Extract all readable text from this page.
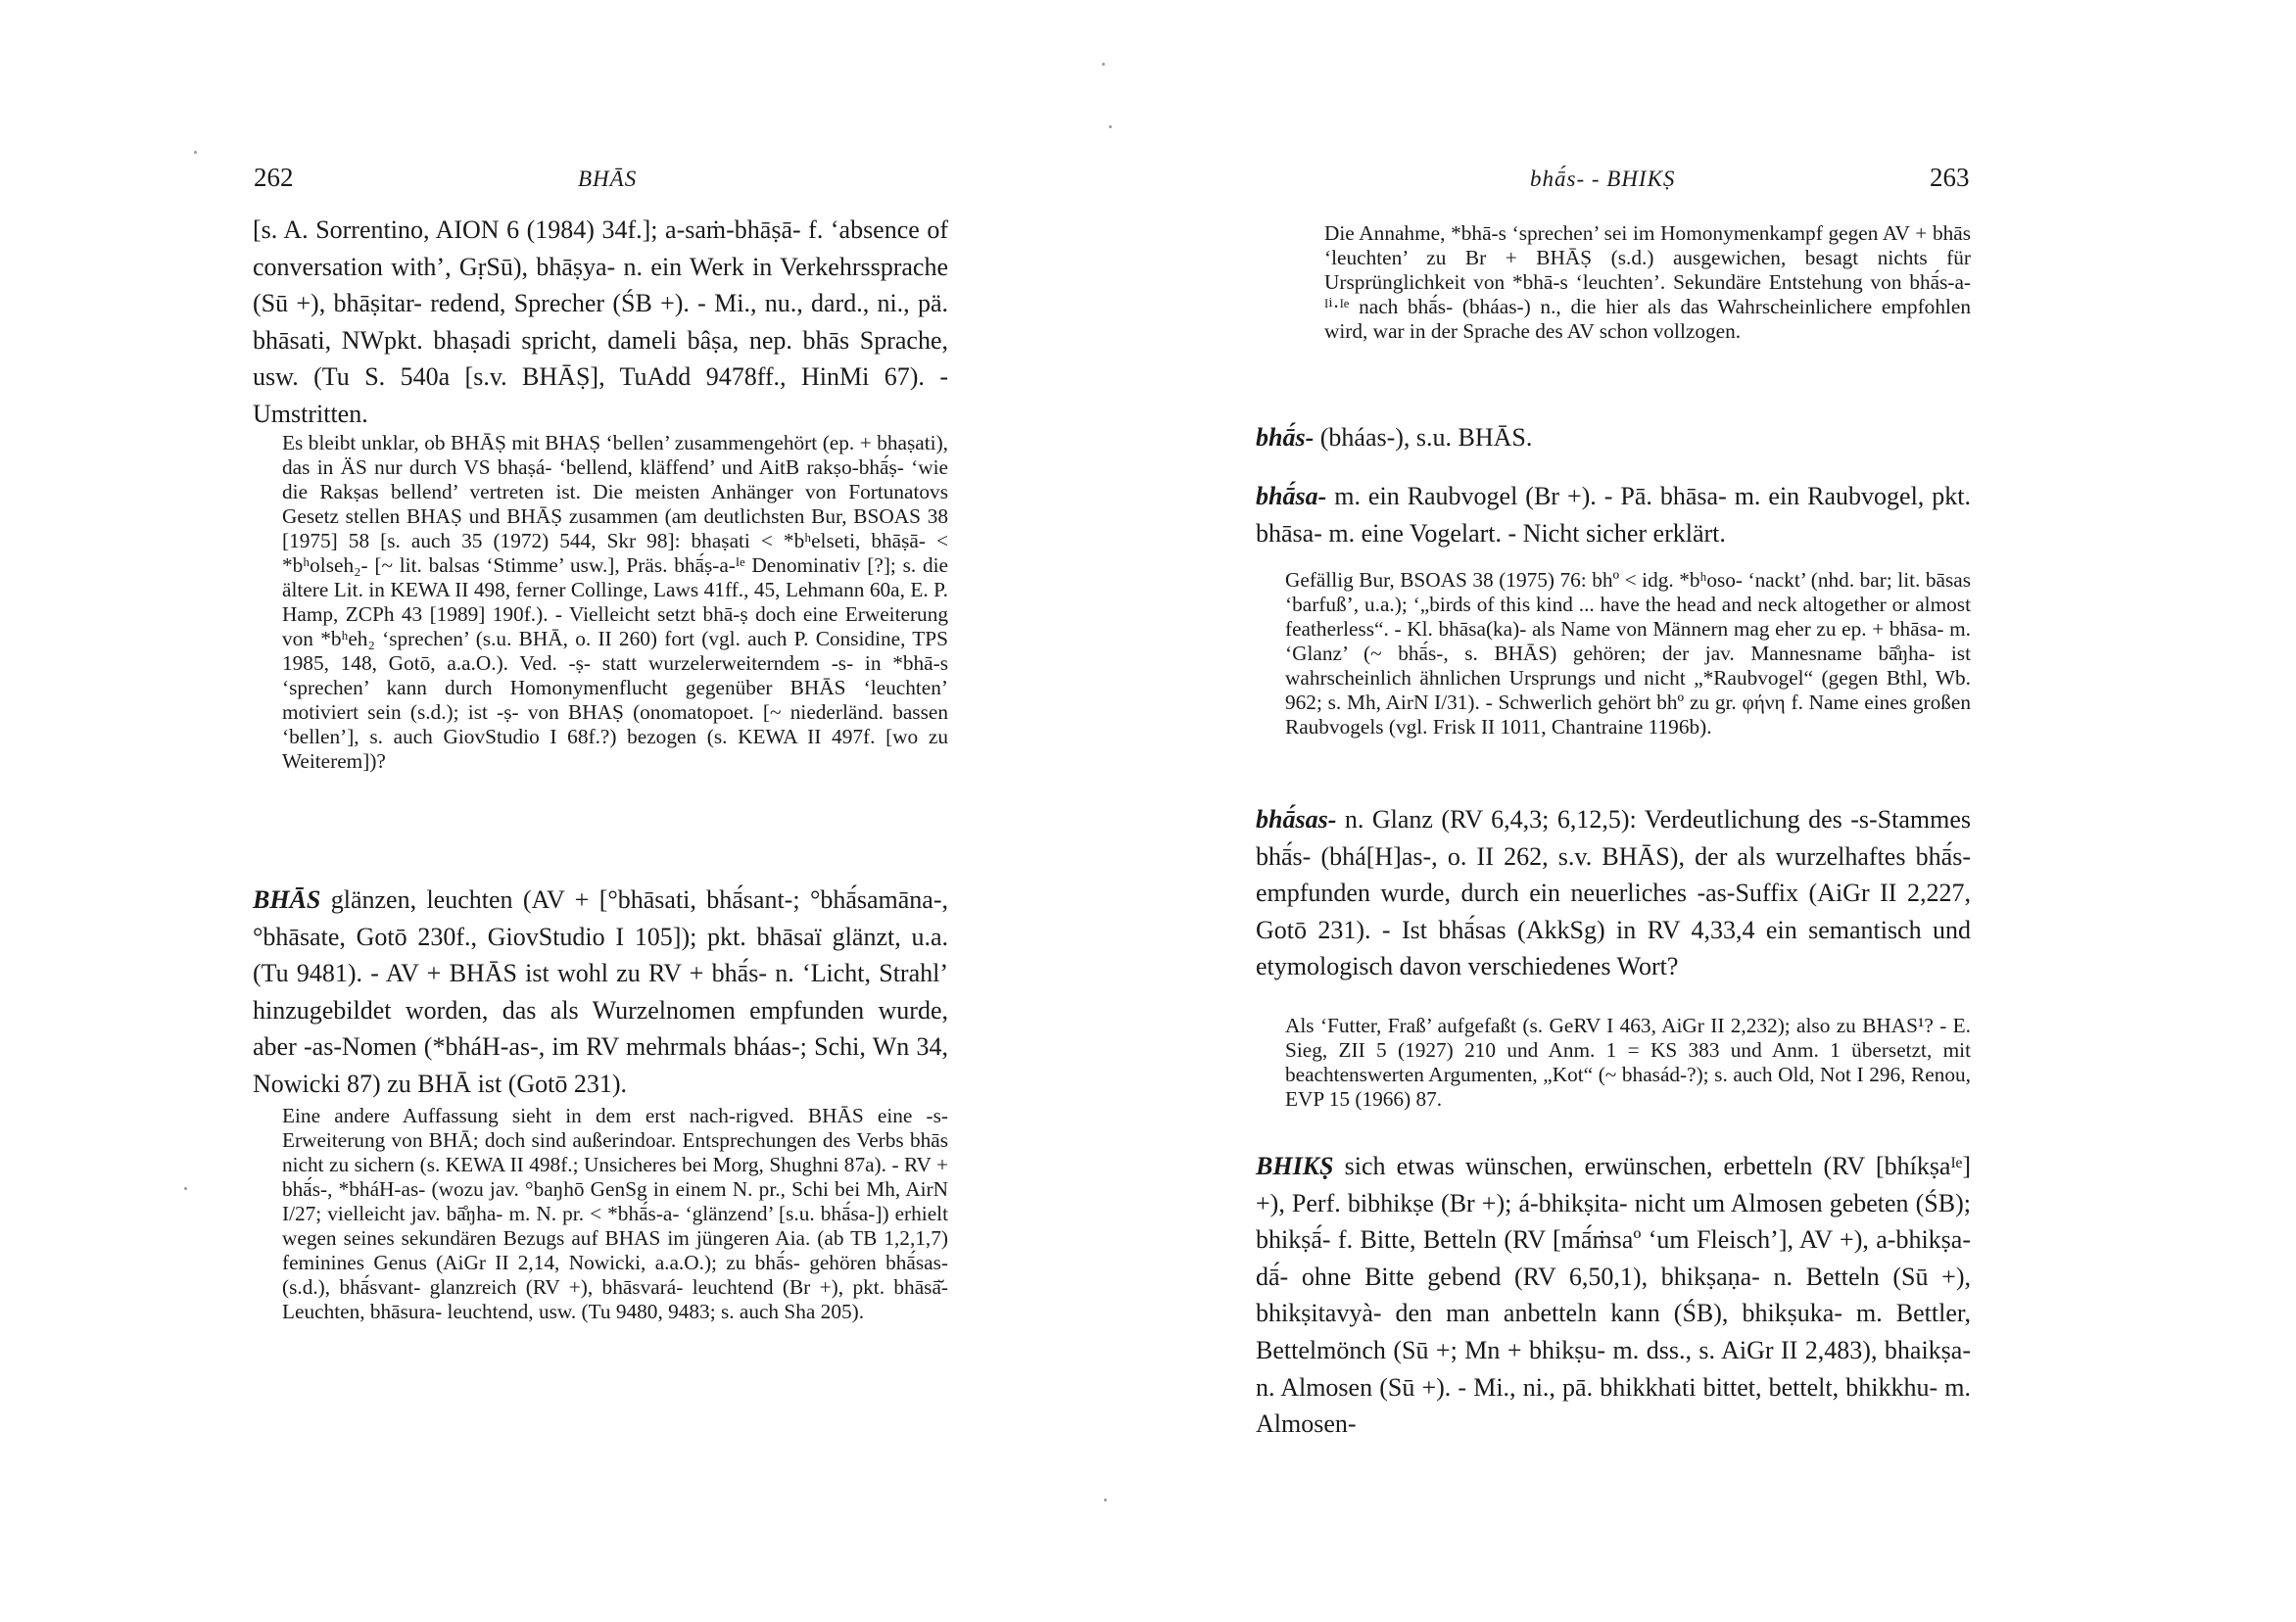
262	BHĀS

[s. A. Sorrentino, AION 6 (1984) 34f.]; a-saṁ-bhāṣā- f. ‘absence of conversation with’, GṛSū), bhāṣya- n. ein Werk in Verkehrssprache (Sū +), bhāṣitar- redend, Sprecher (ŚB +). - Mi., nu., dard., ni., pä. bhāsati, NWpkt. bhaṣadi spricht, dameli bâṣa, nep. bhās Sprache, usw. (Tu S. 540a [s.v. BHĀṢ], TuAdd 9478ff., HinMi 67). - Umstritten.

Es bleibt unklar, ob BHĀṢ mit BHAṢ ‘bellen’ zusammengehört (ep. + bhaṣati), das in ÄS nur durch VS bhaṣá- ‘bellend, kläffend’ und AitB rakṣo-bhā́ṣ- ‘wie die Rakṣas bellend’ vertreten ist. Die meisten Anhänger von Fortunatovs Gesetz stellen BHAṢ und BHĀṢ zusammen (am deutlichsten Bur, BSOAS 38 [1975] 58 [s. auch 35 (1972) 544, Skr 98]: bhaṣati < *bʰelseti, bhāṣā- < *bʰolseh₂- [~ lit. balsas ‘Stimme’ usw.], Präs. bhā́ṣ-a-ᴵᵉ Denominativ [?]; s. die ältere Lit. in KEWA II 498, ferner Collinge, Laws 41ff., 45, Lehmann 60a, E. P. Hamp, ZCPh 43 [1989] 190f.). - Vielleicht setzt bhā-ṣ doch eine Erweiterung von *bʰeh₂ ‘sprechen’ (s.u. BHĀ, o. II 260) fort (vgl. auch P. Considine, TPS 1985, 148, Gotō, a.a.O.). Ved. -ṣ- statt wurzelerweiterndem -s- in *bhā-s ‘sprechen’ kann durch Homonymenflucht gegenüber BHĀS ‘leuchten’ motiviert sein (s.d.); ist -ṣ- von BHAṢ (onomatopoet. [~ niederländ. bassen ‘bellen’], s. auch GiovStudio I 68f.?) bezogen (s. KEWA II 497f. [wo zu Weiterem])?

BHĀS glänzen, leuchten (AV + [°bhāsati, bhā́sant-; °bhā́samāna-, °bhāsate, Gotō 230f., GiovStudio I 105]); pkt. bhāsaï glänzt, u.a. (Tu 9481). - AV + BHĀS ist wohl zu RV + bhā́s- n. ‘Licht, Strahl’ hinzugebildet worden, das als Wurzelnomen empfunden wurde, aber -as-Nomen (*bháH-as-, im RV mehrmals bháas-; Schi, Wn 34, Nowicki 87) zu BHĀ ist (Gotō 231).

Eine andere Auffassung sieht in dem erst nach-rigved. BHĀS eine -s-Erweiterung von BHĀ; doch sind außerindoar. Entsprechungen des Verbs bhās nicht zu sichern (s. KEWA II 498f.; Unsicheres bei Morg, Shughni 87a). - RV + bhā́s-, *bháH-as- (wozu jav. °baŋhō GenSg in einem N. pr., Schi bei Mh, AirN I/27; vielleicht jav. bā̊ŋha- m. N. pr. < *bhā́s-a- ‘glänzend’ [s.u. bhā́sa-]) erhielt wegen seines sekundären Bezugs auf BHAS im jüngeren Aia. (ab TB 1,2,1,7) feminines Genus (AiGr II 2,14, Nowicki, a.a.O.); zu bhā́s- gehören bhā́sas- (s.d.), bhā́svant- glanzreich (RV +), bhāsvará- leuchtend (Br +), pkt. bhāsā̆- Leuchten, bhāsura- leuchtend, usw. (Tu 9480, 9483; s. auch Sha 205).

bhā́s- - BHIKṢ	263

Die Annahme, *bhā-s ‘sprechen’ sei im Homonymenkampf gegen AV + bhās ‘leuchten’ zu Br + BHĀṢ (s.d.) ausgewichen, besagt nichts für Ursprünglichkeit von *bhā-s ‘leuchten’. Sekundäre Entstehung von bhā́s-a-ᴵⁱ·ᴵᵉ nach bhā́s- (bháas-) n., die hier als das Wahrscheinlichere empfohlen wird, war in der Sprache des AV schon vollzogen.

bhā́s- (bháas-), s.u. BHĀS.

bhā́sa- m. ein Raubvogel (Br +). - Pā. bhāsa- m. ein Raubvogel, pkt. bhāsa- m. eine Vogelart. - Nicht sicher erklärt.

Gefällig Bur, BSOAS 38 (1975) 76: bhº < idg. *bʰoso- ‘nackt’ (nhd. bar; lit. bāsas ‘barfuß’, u.a.); ‘„birds of this kind ... have the head and neck altogether or almost featherless“. - Kl. bhāsa(ka)- als Name von Männern mag eher zu ep. + bhāsa- m. ‘Glanz’ (~ bhā́s-, s. BHĀS) gehören; der jav. Mannesname bā̊ŋha- ist wahrscheinlich ähnlichen Ursprungs und nicht „*Raubvogel“ (gegen Bthl, Wb. 962; s. Mh, AirN I/31). - Schwerlich gehört bhº zu gr. φήνη f. Name eines großen Raubvogels (vgl. Frisk II 1011, Chantraine 1196b).

bhā́sas- n. Glanz (RV 6,4,3; 6,12,5): Verdeutlichung des -s-Stammes bhā́s- (bhá[H]as-, o. II 262, s.v. BHĀS), der als wurzelhaftes bhā́s- empfunden wurde, durch ein neuerliches -as-Suffix (AiGr II 2,227, Gotō 231). - Ist bhā́sas (AkkSg) in RV 4,33,4 ein semantisch und etymologisch davon verschiedenes Wort?

Als ‘Futter, Fraß’ aufgefaßt (s. GeRV I 463, AiGr II 2,232); also zu BHAS¹? - E. Sieg, ZII 5 (1927) 210 und Anm. 1 = KS 383 und Anm. 1 übersetzt, mit beachtenswerten Argumenten, „Kot“ (~ bhasád-?); s. auch Old, Not I 296, Renou, EVP 15 (1966) 87.

BHIKṢ sich etwas wünschen, erwünschen, erbetteln (RV [bhíkṣaᴵᵉ] +), Perf. bibhikṣe (Br +); á-bhikṣita- nicht um Almosen gebeten (ŚB); bhikṣā́- f. Bitte, Betteln (RV [mā́ṁsaº ‘um Fleisch’], AV +), a-bhikṣa-dā́- ohne Bitte gebend (RV 6,50,1), bhikṣaṇa- n. Betteln (Sū +), bhikṣitavyà- den man anbetteln kann (ŚB), bhikṣuka- m. Bettler, Bettelmönch (Sū +; Mn + bhikṣu- m. dss., s. AiGr II 2,483), bhaikṣa- n. Almosen (Sū +). - Mi., ni., pā. bhikkhati bittet, bettelt, bhikkhu- m. Almosen-
